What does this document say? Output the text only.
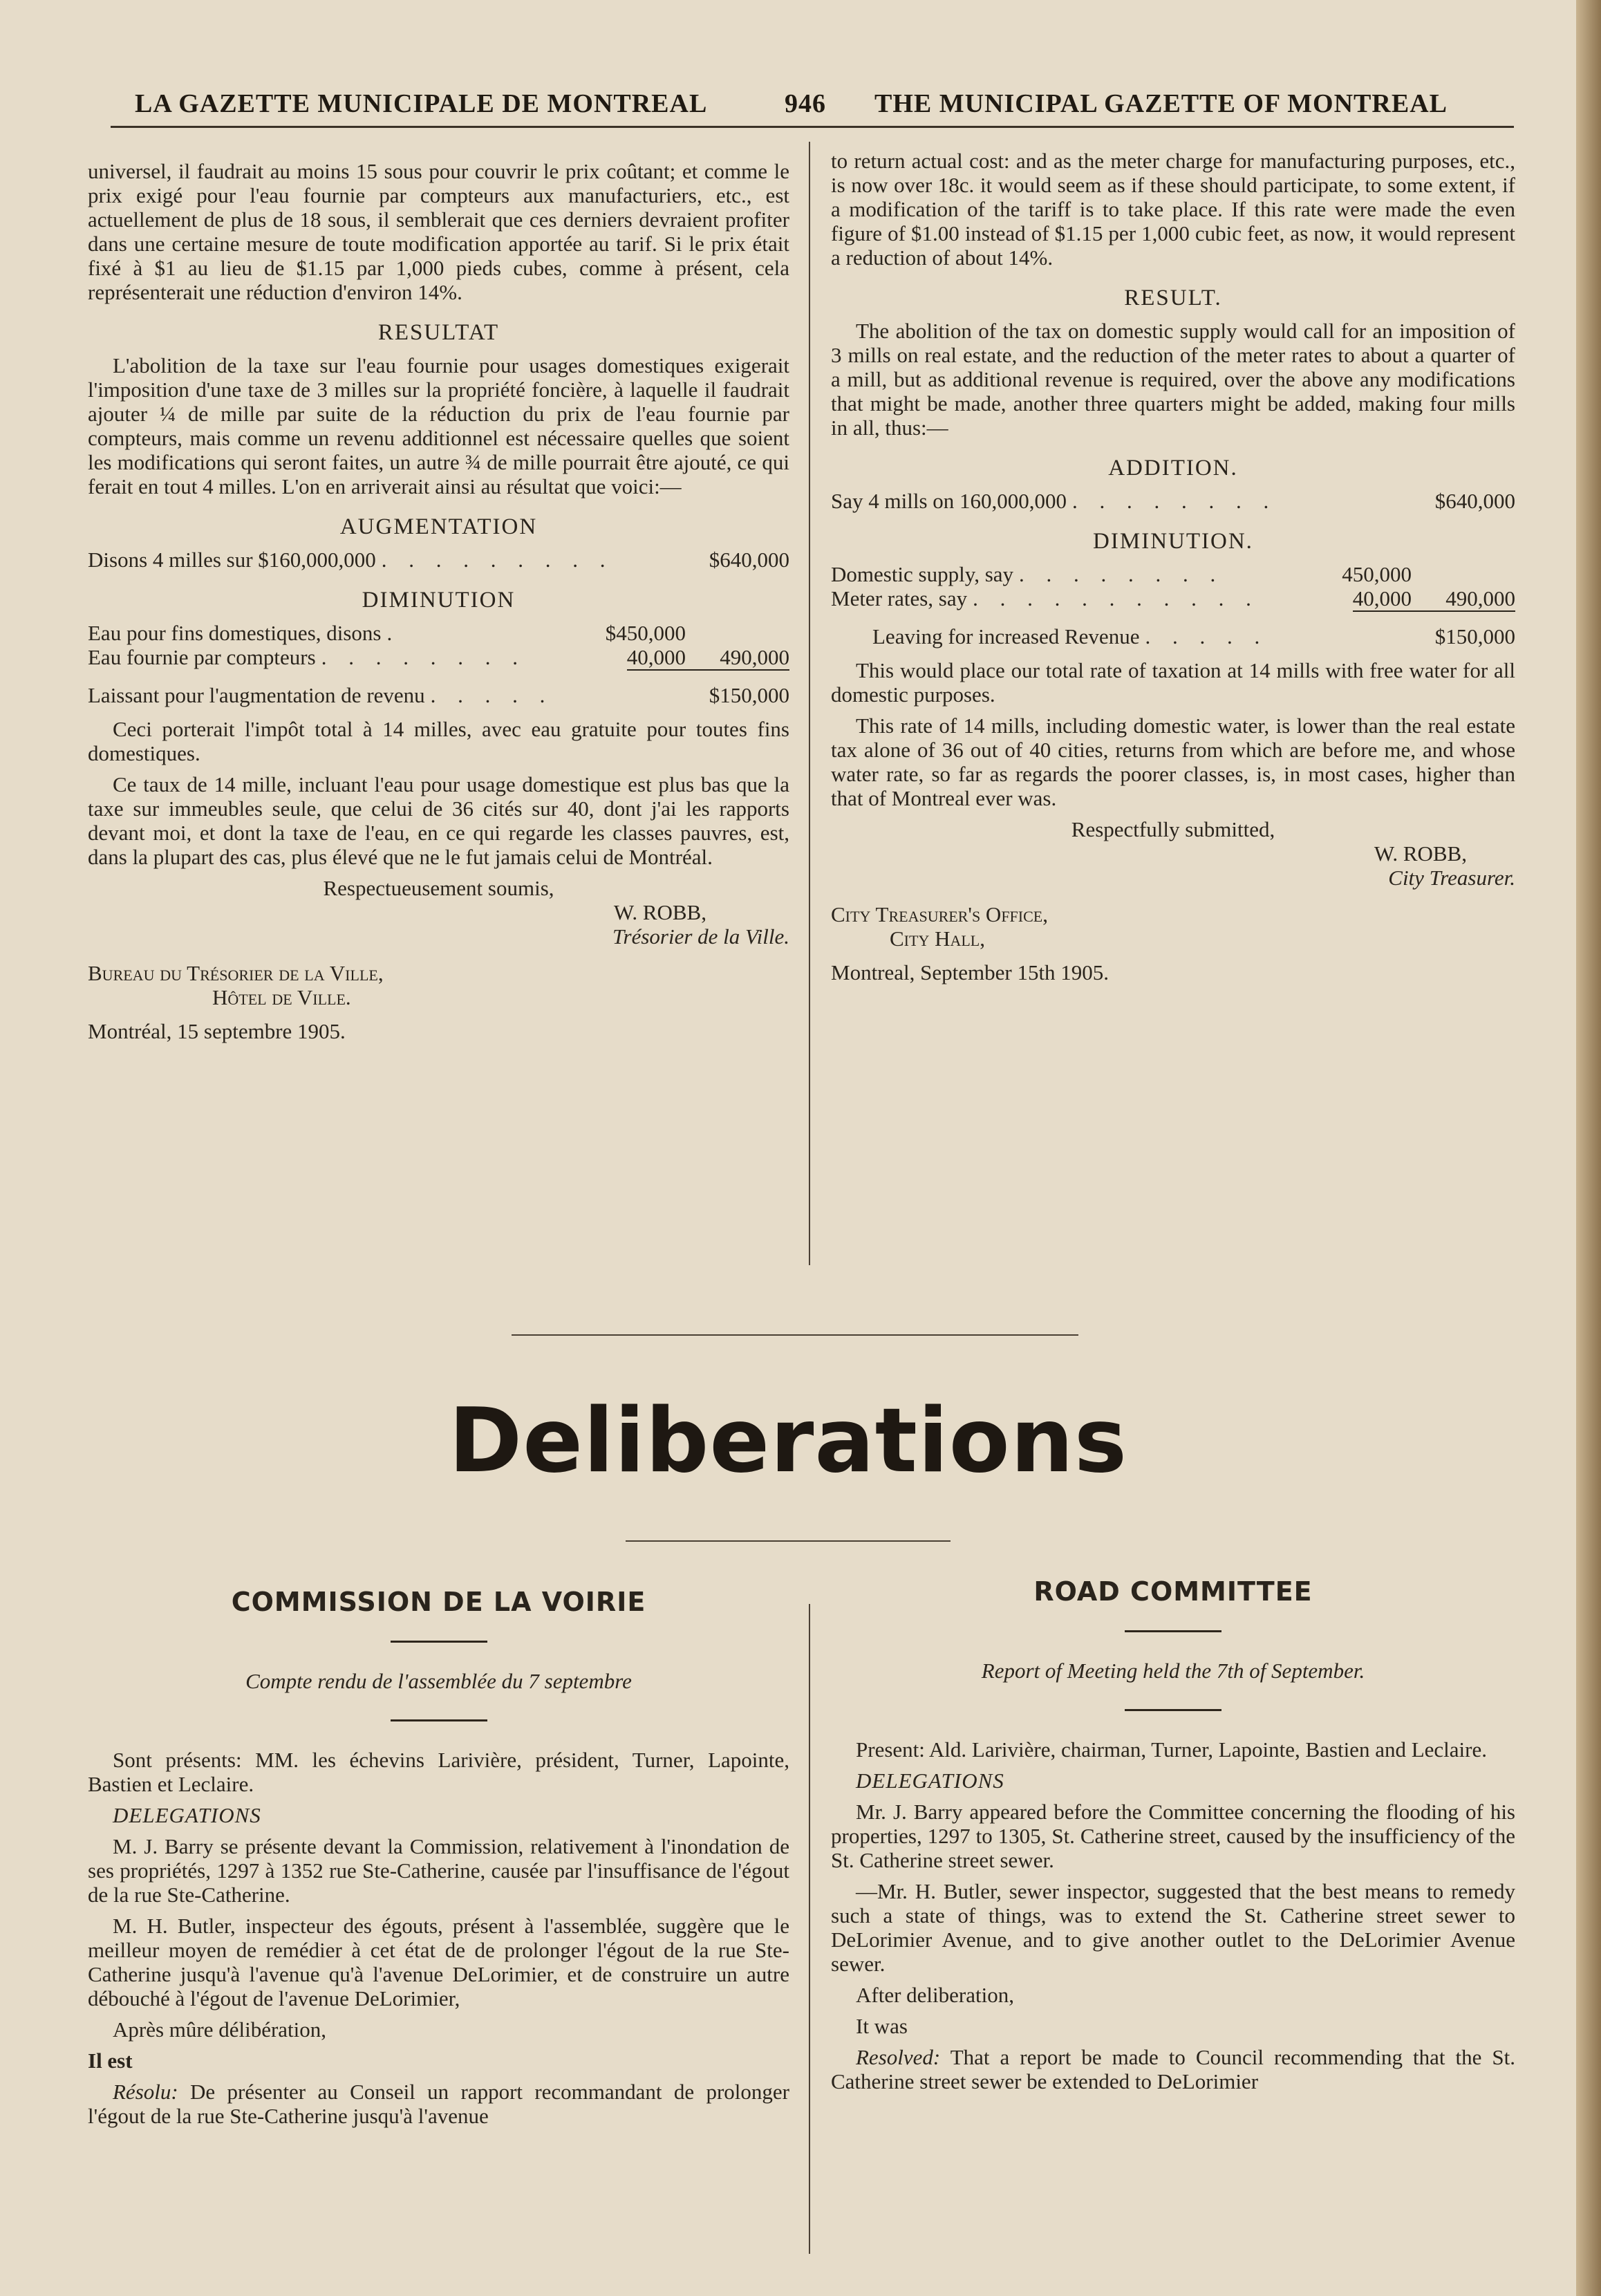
LA GAZETTE MUNICIPALE DE MONTREAL	946 THE MUNICIPAL GAZETTE OF MONTREAL

universel, il faudrait au moins 15 sous pour couvrir le prix coûtant; et comme le prix exigé pour l'eau fournie par compteurs aux manufacturiers, etc., est actuellement de plus de 18 sous, il semblerait que ces derniers devraient profiter dans une certaine mesure de toute modification apportée au tarif. Si le prix était fixé à $1 au lieu de $1.15 par 1,000 pieds cubes, comme à présent, cela représenterait une réduction d'environ 14%.

RESULTAT

L'abolition de la taxe sur l'eau fournie pour usages domestiques exigerait l'imposition d'une taxe de 3 milles sur la propriété foncière, à laquelle il faudrait ajouter ¼ de mille par suite de la réduction du prix de l'eau fournie par compteurs, mais comme un revenu additionnel est nécessaire quelles que soient les modifications qui seront faites, un autre ¾ de mille pourrait être ajouté, ce qui ferait en tout 4 milles. L'on en arriverait ainsi au résultat que voici:—

AUGMENTATION
Disons 4 milles sur $160,000,000 . . . . . . . . .	$640,000
DIMINUTION
Eau pour fins domestiques, disons .	$450,000
Eau fournie par compteurs . . . . . . . .	40,000	490,000
Laissant pour l'augmentation de revenu . . . . .	$150,000

Ceci porterait l'impôt total à 14 milles, avec eau gratuite pour toutes fins domestiques.

Ce taux de 14 mille, incluant l'eau pour usage domestique est plus bas que la taxe sur immeubles seule, que celui de 36 cités sur 40, dont j'ai les rapports devant moi, et dont la taxe de l'eau, en ce qui regarde les classes pauvres, est, dans la plupart des cas, plus élevé que ne le fut jamais celui de Montréal.

Respectueusement soumis,
W. ROBB,
Trésorier de la Ville.
Bureau du Trésorier de la Ville,
Hôtel de Ville.
Montréal, 15 septembre 1905.

to return actual cost: and as the meter charge for manufacturing purposes, etc., is now over 18c. it would seem as if these should participate, to some extent, if a modification of the tariff is to take place. If this rate were made the even figure of $1.00 instead of $1.15 per 1,000 cubic feet, as now, it would represent a reduction of about 14%.

RESULT.

The abolition of the tax on domestic supply would call for an imposition of 3 mills on real estate, and the reduction of the meter rates to about a quarter of a mill, but as additional revenue is required, over the above any modifications that might be made, another three quarters might be added, making four mills in all, thus:—

ADDITION.
Say 4 mills on 160,000,000 . . . . . . . .	$640,000
DIMINUTION.
Domestic supply, say . . . . . . . .	450,000
Meter rates, say . . . . . . . . . . .	40,000	490,000
Leaving for increased Revenue . . . . .	$150,000

This would place our total rate of taxation at 14 mills with free water for all domestic purposes.

This rate of 14 mills, including domestic water, is lower than the real estate tax alone of 36 out of 40 cities, returns from which are before me, and whose water rate, so far as regards the poorer classes, is, in most cases, higher than that of Montreal ever was.

Respectfully submitted,
W. ROBB,
City Treasurer.
City Treasurer's Office,
City Hall,
Montreal, September 15th 1905.
Deliberations
COMMISSION DE LA VOIRIE
Compte rendu de l'assemblée du 7 septembre

Sont présents: MM. les échevins Larivière, président, Turner, Lapointe, Bastien et Leclaire.

DELEGATIONS

M. J. Barry se présente devant la Commission, relativement à l'inondation de ses propriétés, 1297 à 1352 rue Ste-Catherine, causée par l'insuffisance de l'égout de la rue Ste-Catherine.

M. H. Butler, inspecteur des égouts, présent à l'assemblée, suggère que le meilleur moyen de remédier à cet état de de prolonger l'égout de la rue Ste-Catherine jusqu'à l'avenue qu'à l'avenue DeLorimier, et de construire un autre débouché à l'égout de l'avenue DeLorimier,

Après mûre délibération,

Il est

Résolu: De présenter au Conseil un rapport recommandant de prolonger l'égout de la rue Ste-Catherine jusqu'à l'avenue

ROAD COMMITTEE
Report of Meeting held the 7th of September.

Present: Ald. Larivière, chairman, Turner, Lapointe, Bastien and Leclaire.

DELEGATIONS

Mr. J. Barry appeared before the Committee concerning the flooding of his properties, 1297 to 1305, St. Catherine street, caused by the insufficiency of the St. Catherine street sewer.

—Mr. H. Butler, sewer inspector, suggested that the best means to remedy such a state of things, was to extend the St. Catherine street sewer to DeLorimier Avenue, and to give another outlet to the DeLorimier Avenue sewer.

After deliberation,

It was

Resolved: That a report be made to Council recommending that the St. Catherine street sewer be extended to DeLorimier
